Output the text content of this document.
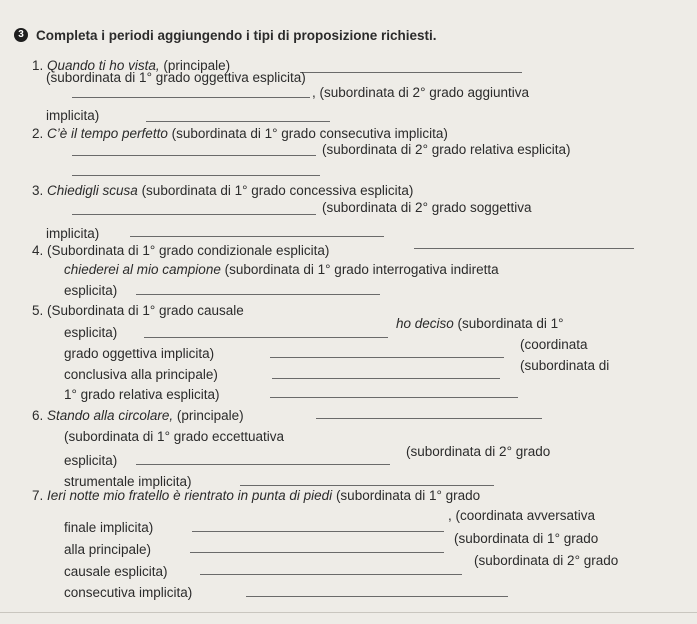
3 Completa i periodi aggiungendo i tipi di proposizione richiesti.
1. Quando ti ho vista, (principale)
(subordinata di 1° grado oggettiva esplicita)
, (subordinata di 2° grado aggiuntiva
implicita)
2. C’è il tempo perfetto (subordinata di 1° grado consecutiva implicita)
(subordinata di 2° grado relativa esplicita)
3. Chiedigli scusa (subordinata di 1° grado concessiva esplicita)
(subordinata di 2° grado soggettiva
implicita)
4. (Subordinata di 1° grado condizionale esplicita)
chiederei al mio campione (subordinata di 1° grado interrogativa indiretta
esplicita)
5. (Subordinata di 1° grado causale
esplicita)
ho deciso (subordinata di 1°
grado oggettiva implicita)
(coordinata
conclusiva alla principale)
(subordinata di
1° grado relativa esplicita)
6. Stando alla circolare, (principale)
(subordinata di 1° grado eccettuativa
esplicita)
(subordinata di 2° grado
strumentale implicita)
7. Ieri notte mio fratello è rientrato in punta di piedi (subordinata di 1° grado
finale implicita)
, (coordinata avversativa
alla principale)
(subordinata di 1° grado
causale esplicita)
(subordinata di 2° grado
consecutiva implicita)
